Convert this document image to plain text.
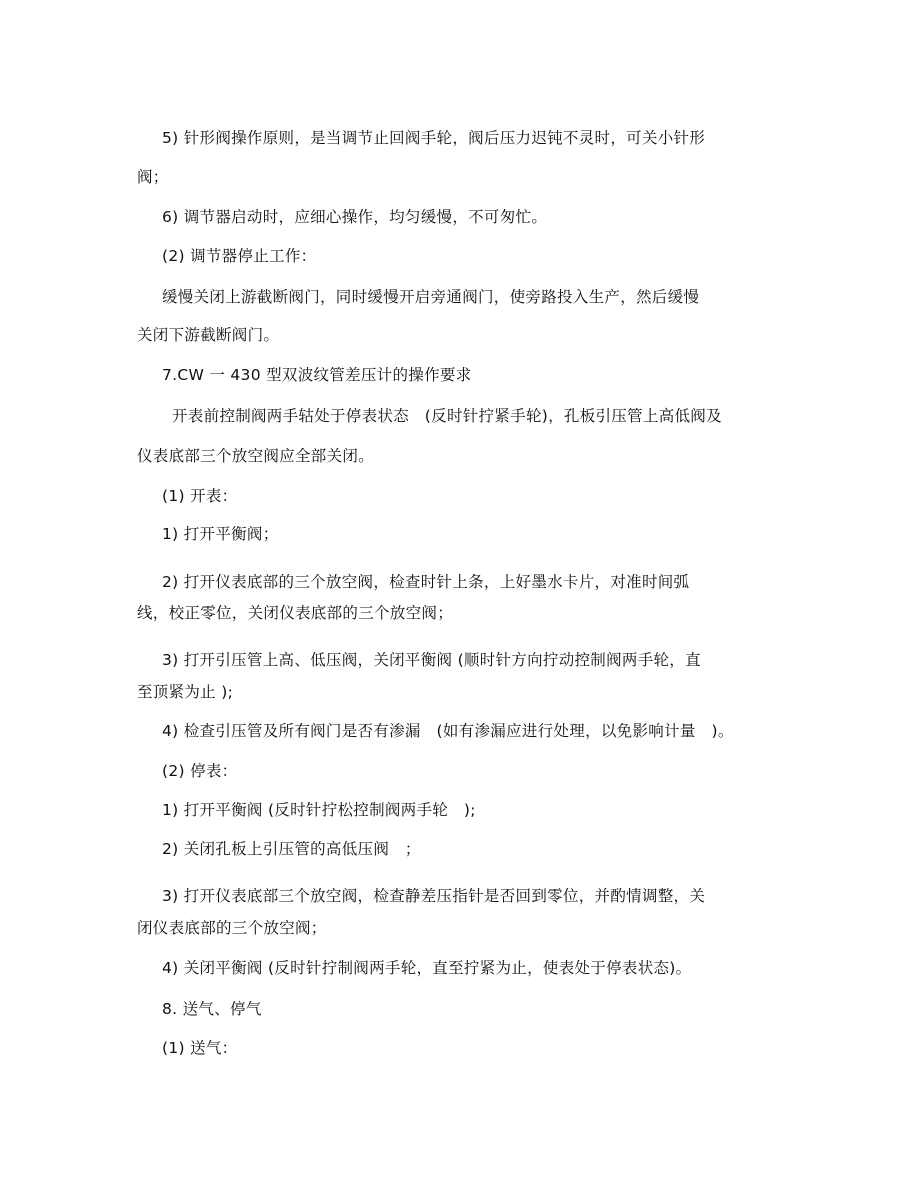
5) 针形阀操作原则，是当调节止回阀手轮，阀后压力迟钝不灵时，可关小针形
阀；
6) 调节器启动时，应细心操作，均匀缓慢，不可匆忙。
(2) 调节器停止工作：
缓慢关闭上游截断阀门，同时缓慢开启旁通阀门，使旁路投入生产，然后缓慢
关闭下游截断阀门。
7.CW 一 430 型双波纹管差压计的操作要求
开表前控制阀两手轱处于停表状态　(反时针拧紧手轮)，孔板引压管上高低阀及
仪表底部三个放空阀应全部关闭。
(1) 开表：
1) 打开平衡阀；
2) 打开仪表底部的三个放空阀，检查时针上条，上好墨水卡片，对准时间弧
线，校正零位，关闭仪表底部的三个放空阀；
3) 打开引压管上高、低压阀，关闭平衡阀 (顺时针方向拧动控制阀两手轮，直
至顶紧为止 );
4) 检查引压管及所有阀门是否有渗漏　(如有渗漏应进行处理，以免影响计量　)。
(2) 停表：
1) 打开平衡阀 (反时针拧松控制阀两手轮　);
2) 关闭孔板上引压管的高低压阀　；
3) 打开仪表底部三个放空阀，检查静差压指针是否回到零位，并酌情调整，关
闭仪表底部的三个放空阀；
4) 关闭平衡阀 (反时针拧制阀两手轮，直至拧紧为止，使表处于停表状态)。
8. 送气、停气
(1) 送气：
